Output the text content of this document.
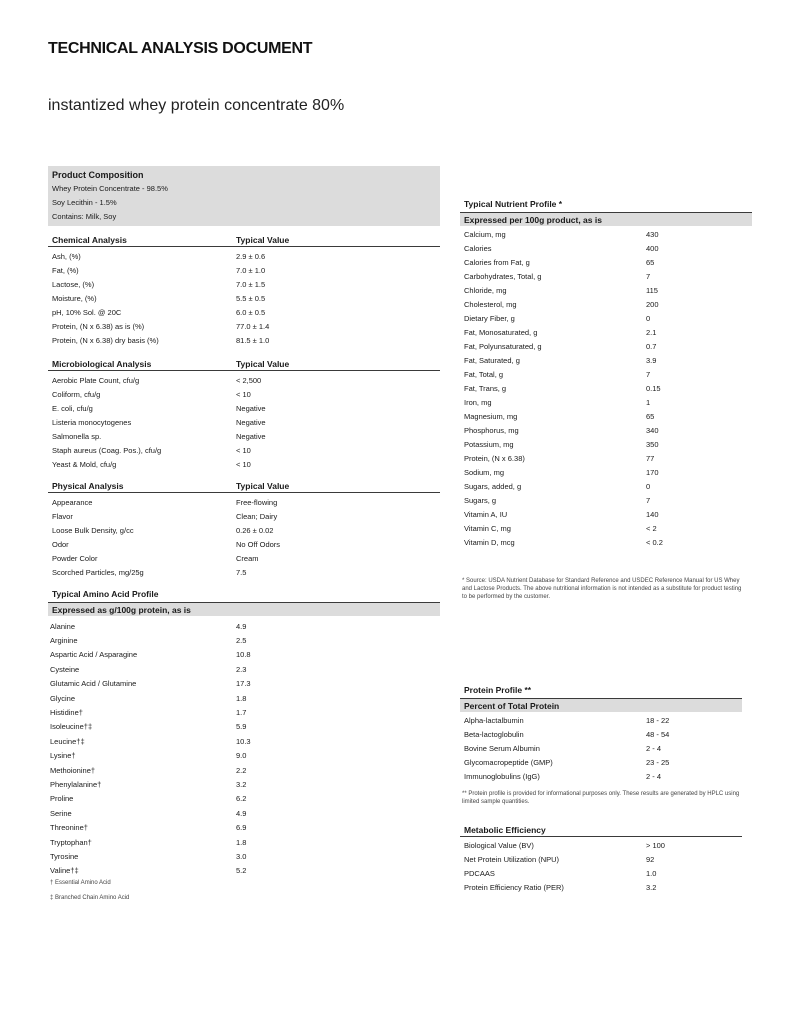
TECHNICAL ANALYSIS DOCUMENT
instantized whey protein concentrate 80%
Product Composition
Whey Protein Concentrate - 98.5%
Soy Lecithin - 1.5%
Contains: Milk, Soy
Chemical Analysis	Typical Value
Ash, (%)	2.9 ± 0.6
Fat, (%)	7.0 ± 1.0
Lactose, (%)	7.0 ± 1.5
Moisture, (%)	5.5 ± 0.5
pH, 10% Sol. @ 20C	6.0 ± 0.5
Protein, (N x 6.38) as is (%)	77.0 ± 1.4
Protein, (N x 6.38) dry basis (%)	81.5 ± 1.0
Microbiological Analysis	Typical Value
Aerobic Plate Count, cfu/g	< 2,500
Coliform, cfu/g	< 10
E. coli, cfu/g	Negative
Listeria monocytogenes	Negative
Salmonella sp.	Negative
Staph aureus (Coag. Pos.), cfu/g	< 10
Yeast & Mold, cfu/g	< 10
Physical Analysis	Typical Value
Appearance	Free-flowing
Flavor	Clean; Dairy
Loose Bulk Density, g/cc	0.26 ± 0.02
Odor	No Off Odors
Powder Color	Cream
Scorched Particles, mg/25g	7.5
Typical Amino Acid Profile
Expressed as g/100g protein, as is
Alanine	4.9
Arginine	2.5
Aspartic Acid / Asparagine	10.8
Cysteine	2.3
Glutamic Acid / Glutamine	17.3
Glycine	1.8
Histidine†	1.7
Isoleucine†‡	5.9
Leucine†‡	10.3
Lysine†	9.0
Methoionine†	2.2
Phenylalanine†	3.2
Proline	6.2
Serine	4.9
Threonine†	6.9
Tryptophan†	1.8
Tyrosine	3.0
Valine†‡	5.2
† Essential Amino Acid
‡ Branched Chain Amino Acid
Typical Nutrient Profile *
Expressed per 100g product, as is
Calcium, mg	430
Calories	400
Calories from Fat, g	65
Carbohydrates, Total, g	7
Chloride, mg	115
Cholesterol, mg	200
Dietary Fiber, g	0
Fat, Monosaturated, g	2.1
Fat, Polyunsaturated, g	0.7
Fat, Saturated, g	3.9
Fat, Total, g	7
Fat, Trans, g	0.15
Iron, mg	1
Magnesium, mg	65
Phosphorus, mg	340
Potassium, mg	350
Protein, (N x 6.38)	77
Sodium, mg	170
Sugars, added, g	0
Sugars, g	7
Vitamin A, IU	140
Vitamin C, mg	< 2
Vitamin D, mcg	< 0.2
* Source: USDA Nutrient Database for Standard Reference and USDEC Reference Manual for US Whey and Lactose Products. The above nutritional information is not intended as a substitute for product testing to be performed by the customer.
Protein Profile **
Percent of Total Protein
Alpha-lactalbumin	18 - 22
Beta-lactoglobulin	48 - 54
Bovine Serum Albumin	2 - 4
Glycomacropeptide (GMP)	23 - 25
Immunoglobulins (IgG)	2 - 4
** Protein profile is provided for informational purposes only. These results are generated by HPLC using limited sample quantities.
Metabolic Efficiency
Biological Value (BV)	> 100
Net Protein Utilization (NPU)	92
PDCAAS	1.0
Protein Efficiency Ratio (PER)	3.2
